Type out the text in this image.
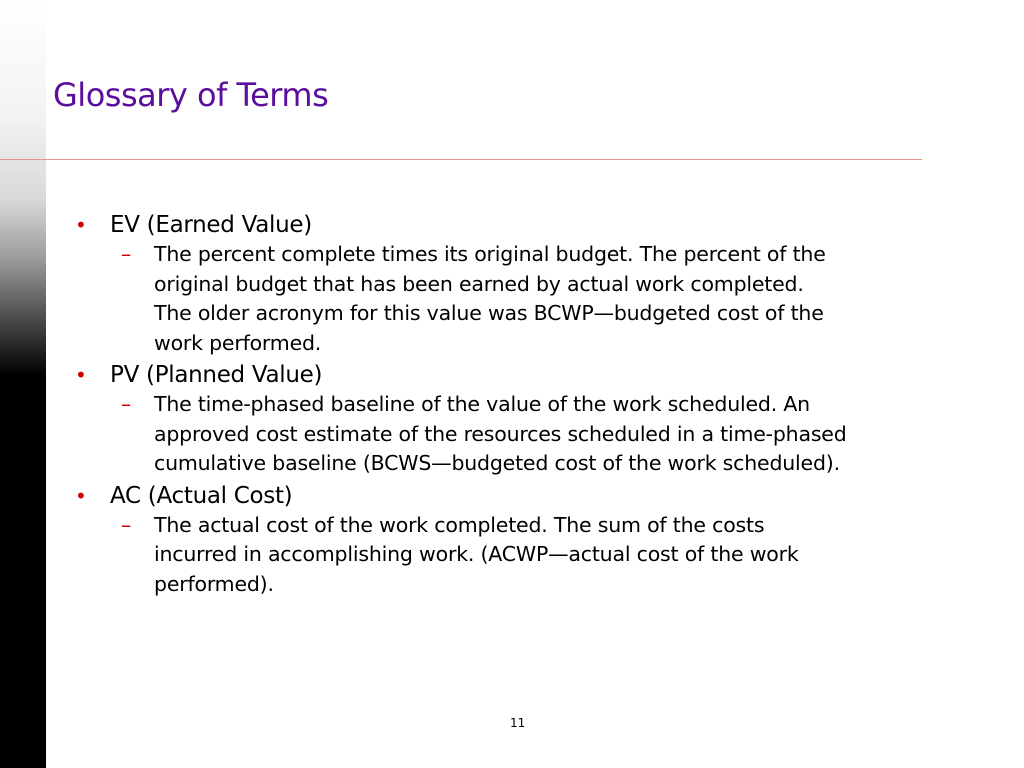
Glossary of Terms
• EV (Earned Value)
– The percent complete times its original budget. The percent of the
original budget that has been earned by actual work completed.
The older acronym for this value was BCWP—budgeted cost of the
work performed.
• PV (Planned Value)
– The time-phased baseline of the value of the work scheduled. An
approved cost estimate of the resources scheduled in a time-phased
cumulative baseline (BCWS—budgeted cost of the work scheduled).
• AC (Actual Cost)
– The actual cost of the work completed. The sum of the costs
incurred in accomplishing work. (ACWP—actual cost of the work
performed).
11
